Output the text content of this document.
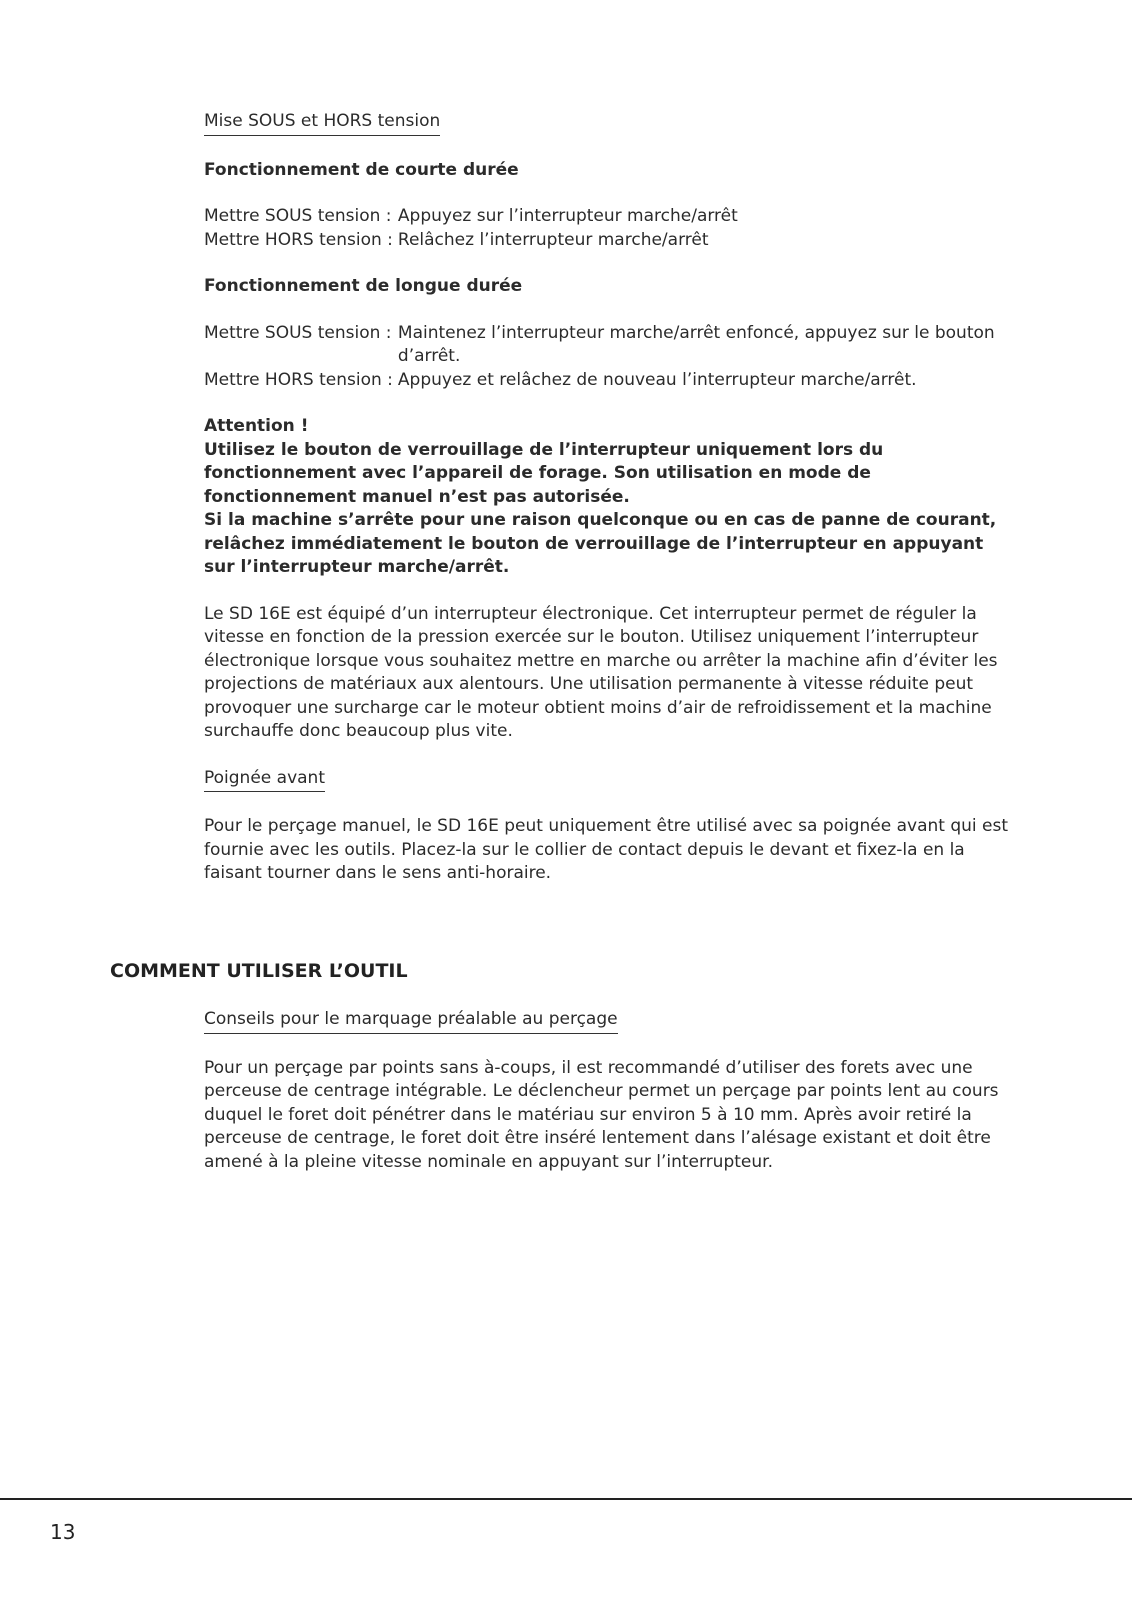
Mise SOUS et HORS tension
Fonctionnement de courte durée
Mettre SOUS tension :	Appuyez sur l’interrupteur marche/arrêt
Mettre HORS tension :	Relâchez l’interrupteur marche/arrêt
Fonctionnement de longue durée
Mettre SOUS tension :	Maintenez l’interrupteur marche/arrêt enfoncé, appuyez sur le bouton d’arrêt.
Mettre HORS tension :	Appuyez et relâchez de nouveau l’interrupteur marche/arrêt.

Attention !

Utilisez le bouton de verrouillage de l’interrupteur uniquement lors du fonctionnement avec l’appareil de forage. Son utilisation en mode de fonctionnement manuel n’est pas autorisée.

Si la machine s’arrête pour une raison quelconque ou en cas de panne de courant, relâchez immédiatement le bouton de verrouillage de l’interrupteur en appuyant sur l’interrupteur marche/arrêt.

Le SD 16E est équipé d’un interrupteur électronique. Cet interrupteur permet de réguler la vitesse en fonction de la pression exercée sur le bouton. Utilisez uniquement l’interrupteur électronique lorsque vous souhaitez mettre en marche ou arrêter la machine afin d’éviter les projections de matériaux aux alentours. Une utilisation permanente à vitesse réduite peut provoquer une surcharge car le moteur obtient moins d’air de refroidissement et la machine surchauffe donc beaucoup plus vite.

Poignée avant

Pour le perçage manuel, le SD 16E peut uniquement être utilisé avec sa poignée avant qui est fournie avec les outils. Placez-la sur le collier de contact depuis le devant et fixez-la en la faisant tourner dans le sens anti-horaire.

COMMENT UTILISER L’OUTIL
Conseils pour le marquage préalable au perçage

Pour un perçage par points sans à-coups, il est recommandé d’utiliser des forets avec une perceuse de centrage intégrable. Le déclencheur permet un perçage par points lent au cours duquel le foret doit pénétrer dans le matériau sur environ 5 à 10 mm. Après avoir retiré la perceuse de centrage, le foret doit être inséré lentement dans l’alésage existant et doit être amené à la pleine vitesse nominale en appuyant sur l’interrupteur.

13
